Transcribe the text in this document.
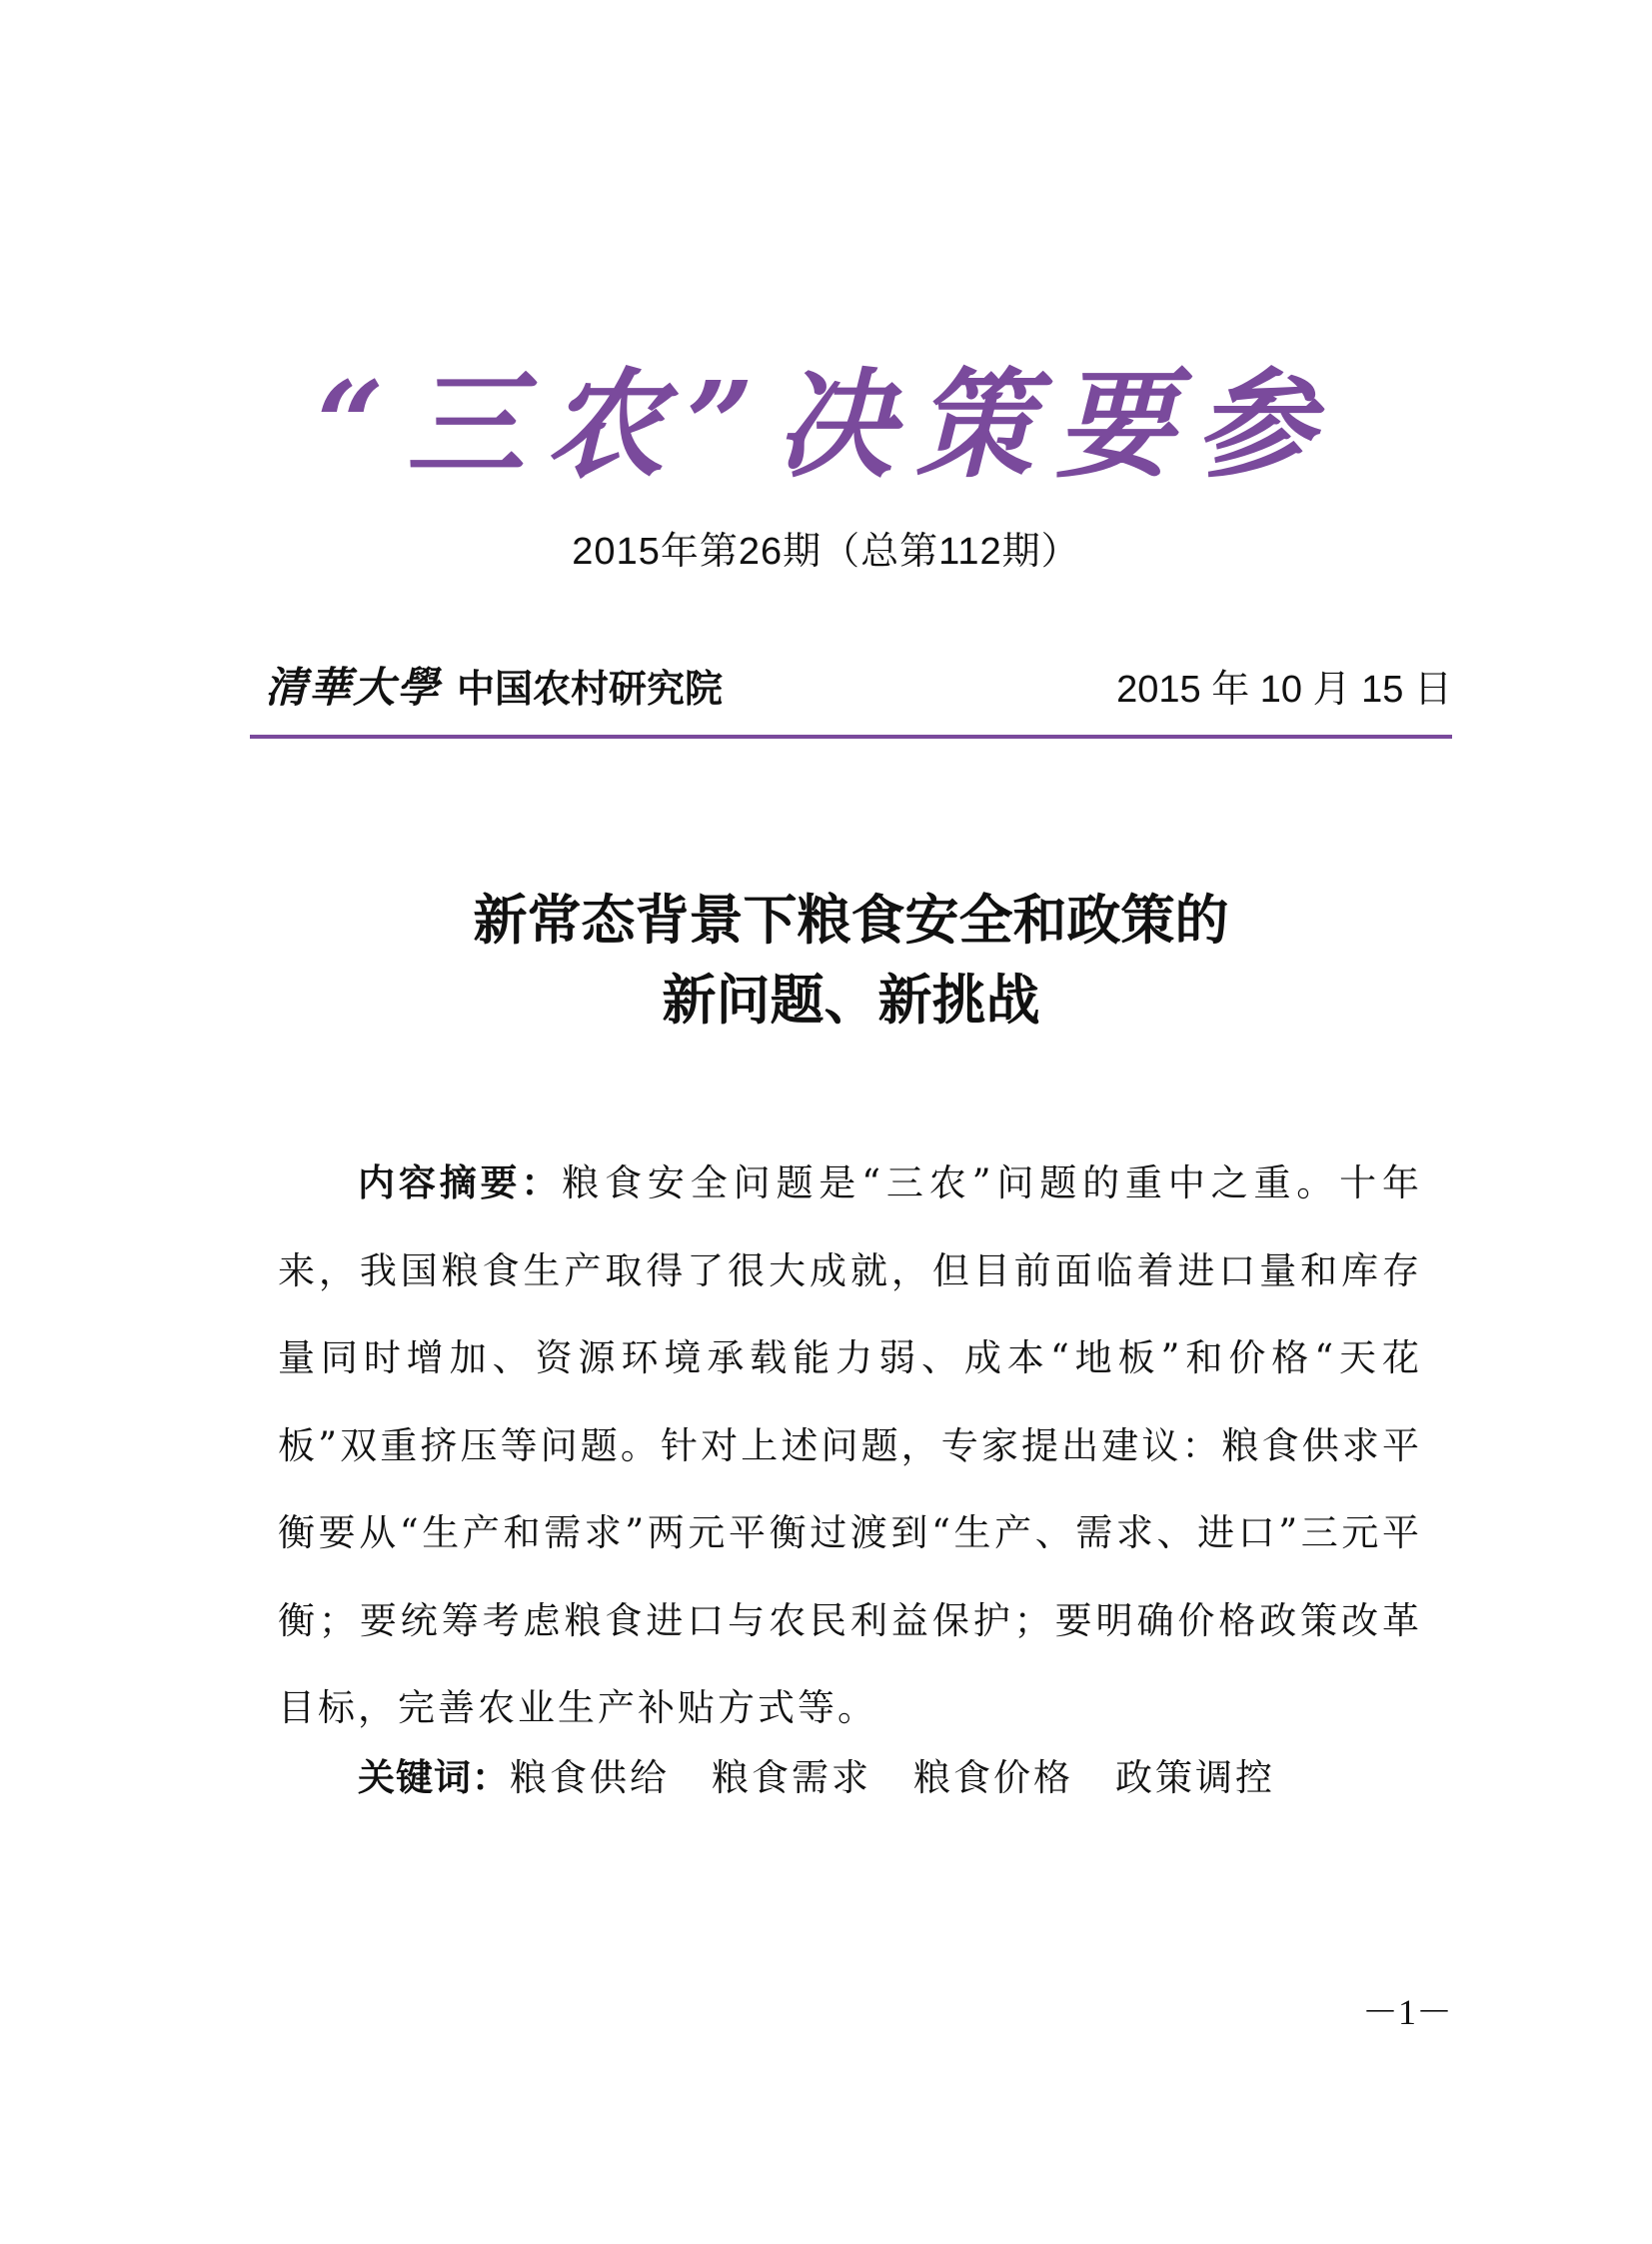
“三农”决策要参
2015年第26期（总第112期）
清華大學 中国农村研究院	2015 年 10 月 15 日
新常态背景下粮食安全和政策的
新问题、新挑战
内容摘要：粮食安全问题是“三农”问题的重中之重。十年来，我国粮食生产取得了很大成就，但目前面临着进口量和库存量同时增加、资源环境承载能力弱、成本“地板”和价格“天花板”双重挤压等问题。针对上述问题，专家提出建议：粮食供求平衡要从“生产和需求”两元平衡过渡到“生产、需求、进口”三元平衡；要统筹考虑粮食进口与农民利益保护；要明确价格政策改革目标，完善农业生产补贴方式等。
关键词： 粮食供给 粮食需求 粮食价格 政策调控
－1－
